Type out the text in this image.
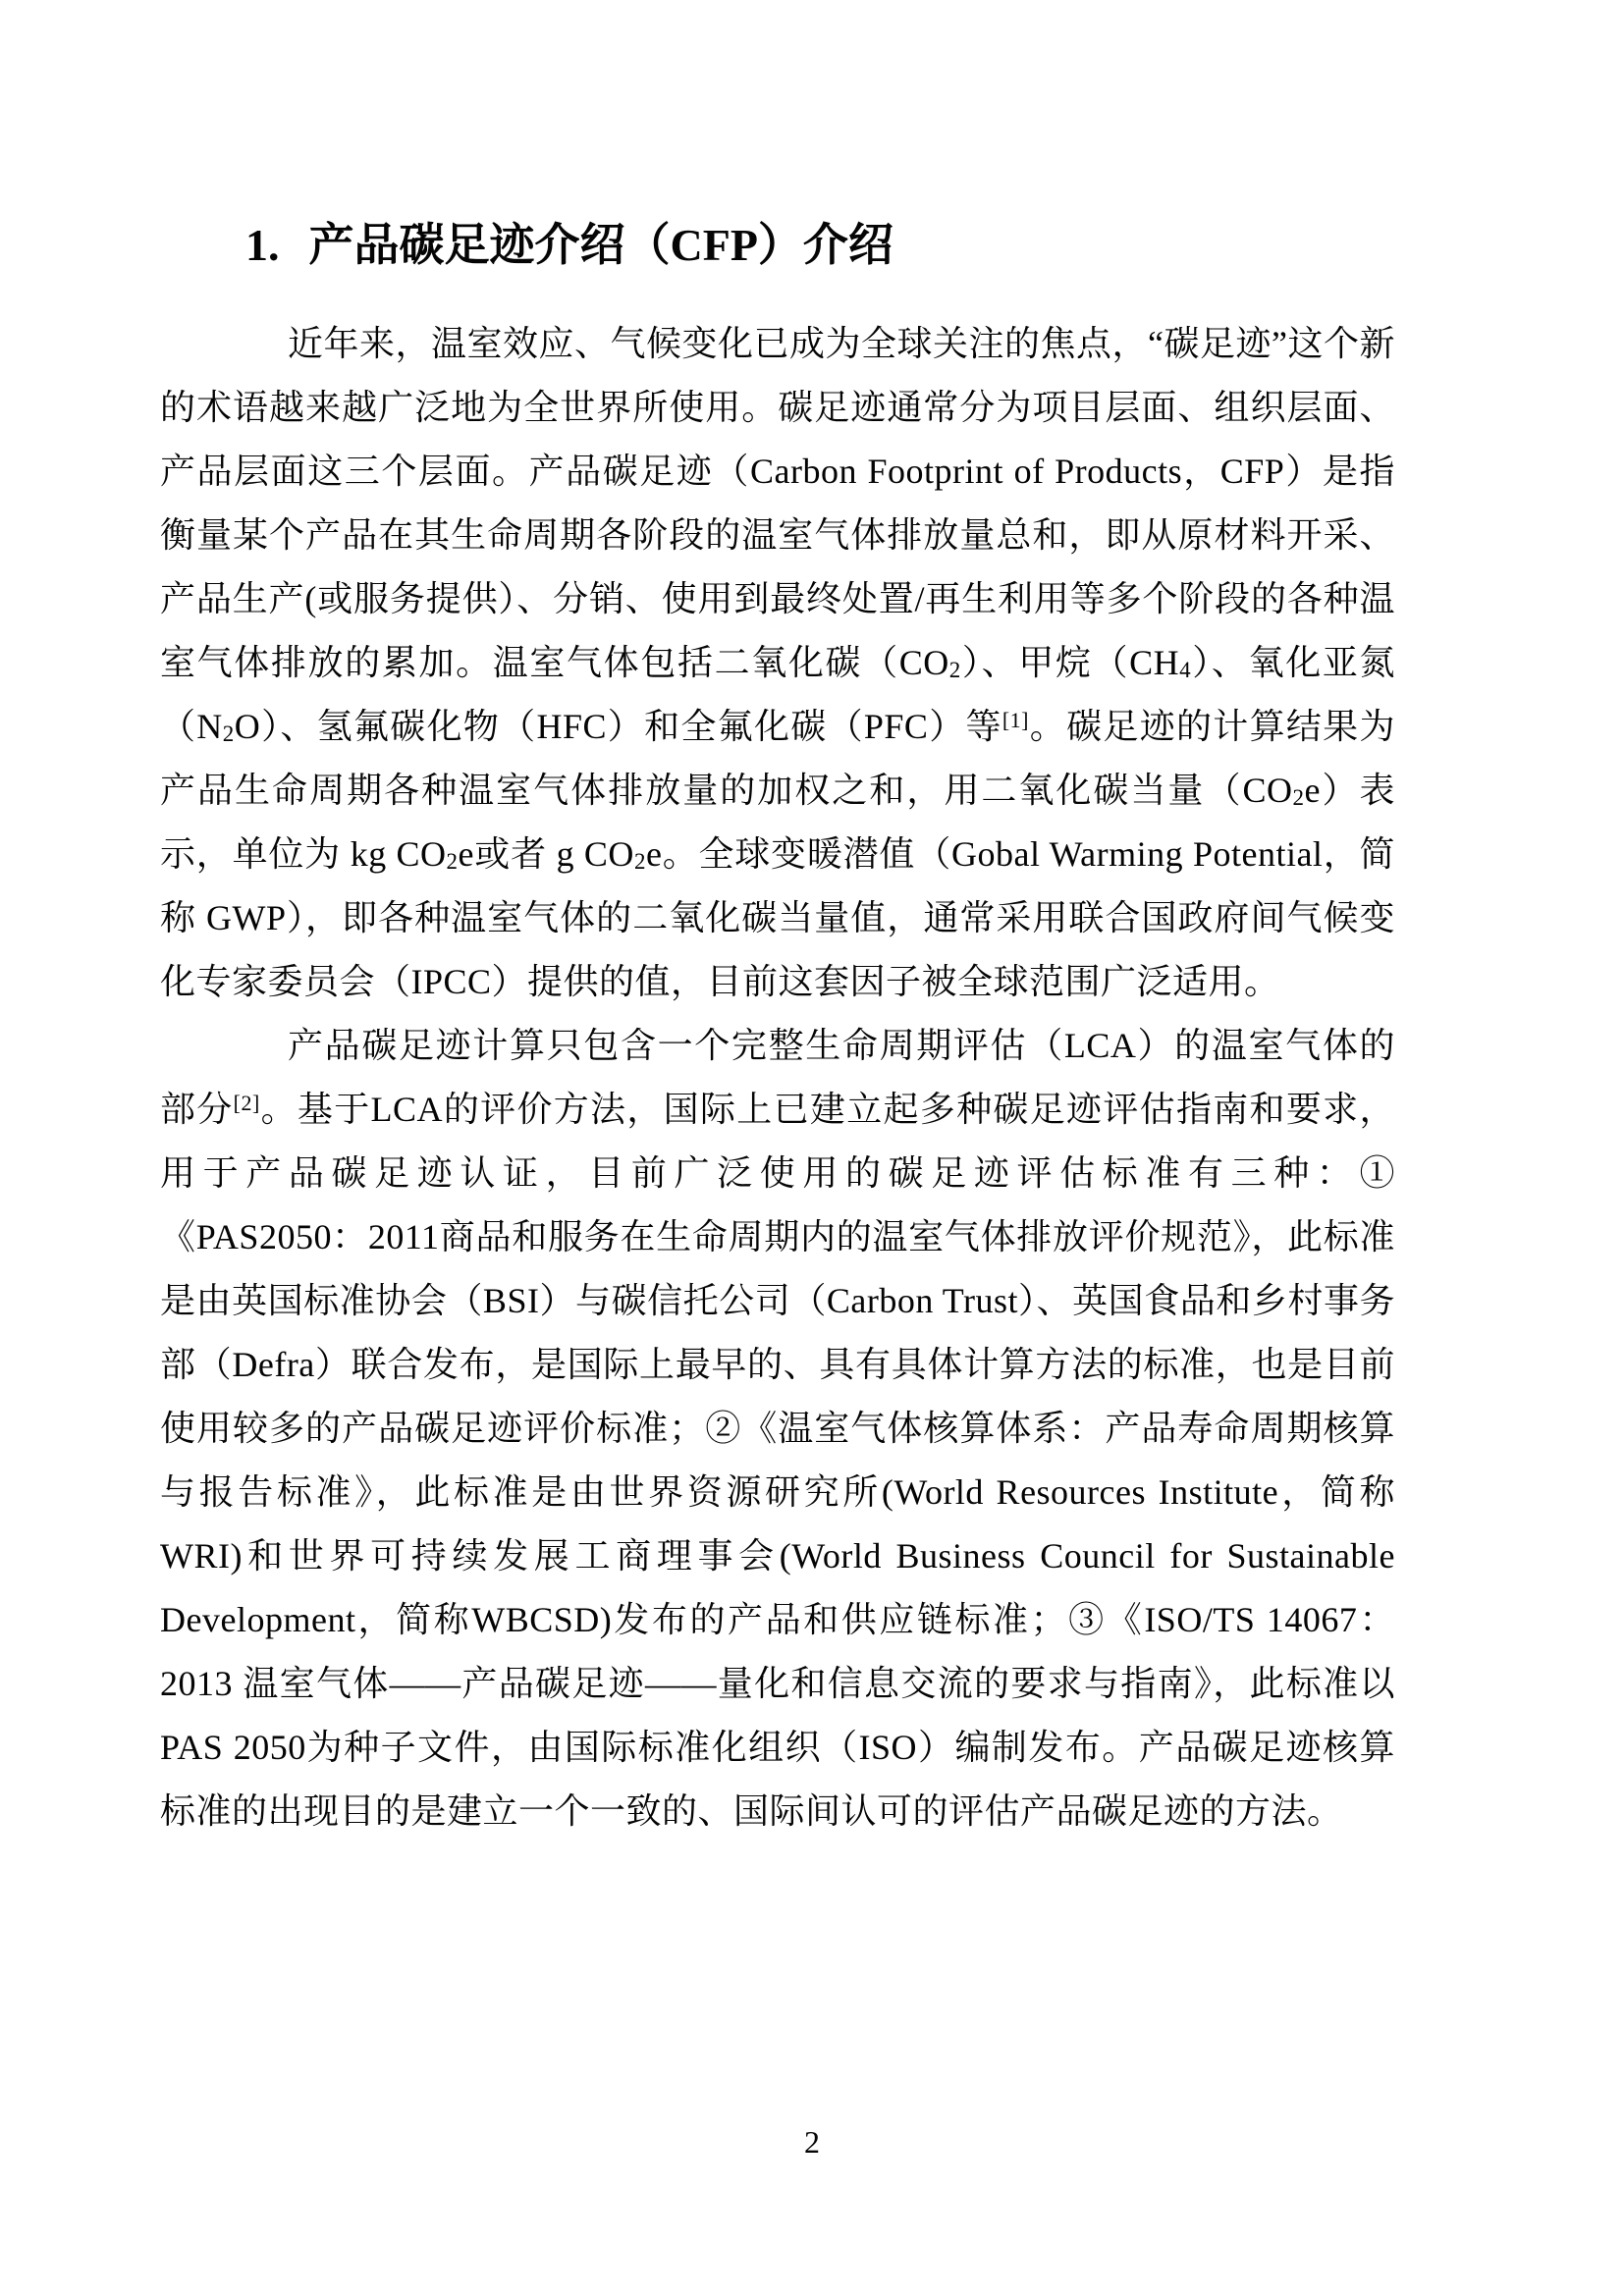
1. 产品碳足迹介绍（CFP）介绍

近年来，温室效应、气候变化已成为全球关注的焦点，“碳足迹”这个新的术语越来越广泛地为全世界所使用。碳足迹通常分为项目层面、组织层面、产品层面这三个层面。产品碳足迹（Carbon Footprint of Products，CFP）是指衡量某个产品在其生命周期各阶段的温室气体排放量总和，即从原材料开采、产品生产(或服务提供）、分销、使用到最终处置/再生利用等多个阶段的各种温室气体排放的累加。温室气体包括二氧化碳$(CO_2)$、甲烷$(CH_4)$、氧化亚氮$(N_2O)$、氢氟碳化物（HFC）和全氟化碳（PFC）等[1]。碳足迹的计算结果为产品生命周期各种温室气体排放量的加权之和，用二氧化碳当量$(CO_2e)$表示，单位为 kg $CO_2e$或者 g $CO_2e$。全球变暖潜值（Gobal Warming Potential，简称 GWP），即各种温室气体的二氧化碳当量值，通常采用联合国政府间气候变化专家委员会（IPCC）提供的值，目前这套因子被全球范围广泛适用。

产品碳足迹计算只包含一个完整生命周期评估（LCA）的温室气体的部分[2]。基于LCA的评价方法，国际上已建立起多种碳足迹评估指南和要求，用于产品碳足迹认证，目前广泛使用的碳足迹评估标准有三种：①《PAS2050：2011商品和服务在生命周期内的温室气体排放评价规范》，此标准是由英国标准协会（BSI）与碳信托公司（Carbon Trust）、英国食品和乡村事务部（Defra）联合发布，是国际上最早的、具有具体计算方法的标准，也是目前使用较多的产品碳足迹评价标准；②《温室气体核算体系：产品寿命周期核算与报告标准》，此标准是由世界资源研究所(World Resources Institute，简称WRI)和世界可持续发展工商理事会(World Business Council for Sustainable Development，简称WBCSD)发布的产品和供应链标准；③《ISO/TS 14067：2013 温室气体——产品碳足迹——量化和信息交流的要求与指南》，此标准以PAS 2050为种子文件，由国际标准化组织（ISO）编制发布。产品碳足迹核算标准的出现目的是建立一个一致的、国际间认可的评估产品碳足迹的方法。

2
